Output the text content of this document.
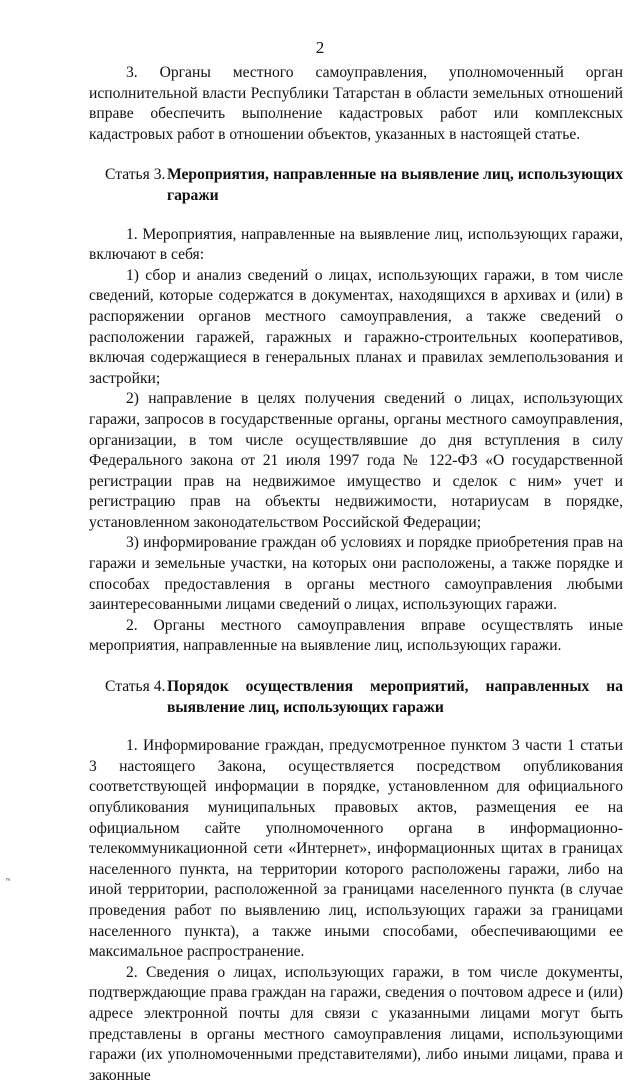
2

3. Органы местного самоуправления, уполномоченный орган исполнительной власти Республики Татарстан в области земельных отношений вправе обеспечить выполнение кадастровых работ или комплексных кадастровых работ в отношении объектов, указанных в настоящей статье.

Статья 3. Мероприятия, направленные на выявление лиц, использующих гаражи

1. Мероприятия, направленные на выявление лиц, использующих гаражи, включают в себя:

1) сбор и анализ сведений о лицах, использующих гаражи, в том числе сведений, которые содержатся в документах, находящихся в архивах и (или) в распоряжении органов местного самоуправления, а также сведений о расположении гаражей, гаражных и гаражно-строительных кооперативов, включая содержащиеся в генеральных планах и правилах землепользования и застройки;

2) направление в целях получения сведений о лицах, использующих гаражи, запросов в государственные органы, органы местного самоуправления, организации, в том числе осуществлявшие до дня вступления в силу Федерального закона от 21 июля 1997 года № 122-ФЗ «О государственной регистрации прав на недвижимое имущество и сделок с ним» учет и регистрацию прав на объекты недвижимости, нотариусам в порядке, установленном законодательством Российской Федерации;

3) информирование граждан об условиях и порядке приобретения прав на гаражи и земельные участки, на которых они расположены, а также порядке и способах предоставления в органы местного самоуправления любыми заинтересованными лицами сведений о лицах, использующих гаражи.

2. Органы местного самоуправления вправе осуществлять иные мероприятия, направленные на выявление лиц, использующих гаражи.

Статья 4. Порядок осуществления мероприятий, направленных на выявление лиц, использующих гаражи

1. Информирование граждан, предусмотренное пунктом 3 части 1 статьи 3 настоящего Закона, осуществляется посредством опубликования соответствующей информации в порядке, установленном для официального опубликования муниципальных правовых актов, размещения ее на официальном сайте уполномоченного органа в информационно-телекоммуникационной сети «Интернет», информационных щитах в границах населенного пункта, на территории которого расположены гаражи, либо на иной территории, расположенной за границами населенного пункта (в случае проведения работ по выявлению лиц, использующих гаражи за границами населенного пункта), а также иными способами, обеспечивающими ее максимальное распространение.

2. Сведения о лицах, использующих гаражи, в том числе документы, подтверждающие права граждан на гаражи, сведения о почтовом адресе и (или) адресе электронной почты для связи с указанными лицами могут быть представлены в органы местного самоуправления лицами, использующими гаражи (их уполномоченными представителями), либо иными лицами, права и законные

ε
